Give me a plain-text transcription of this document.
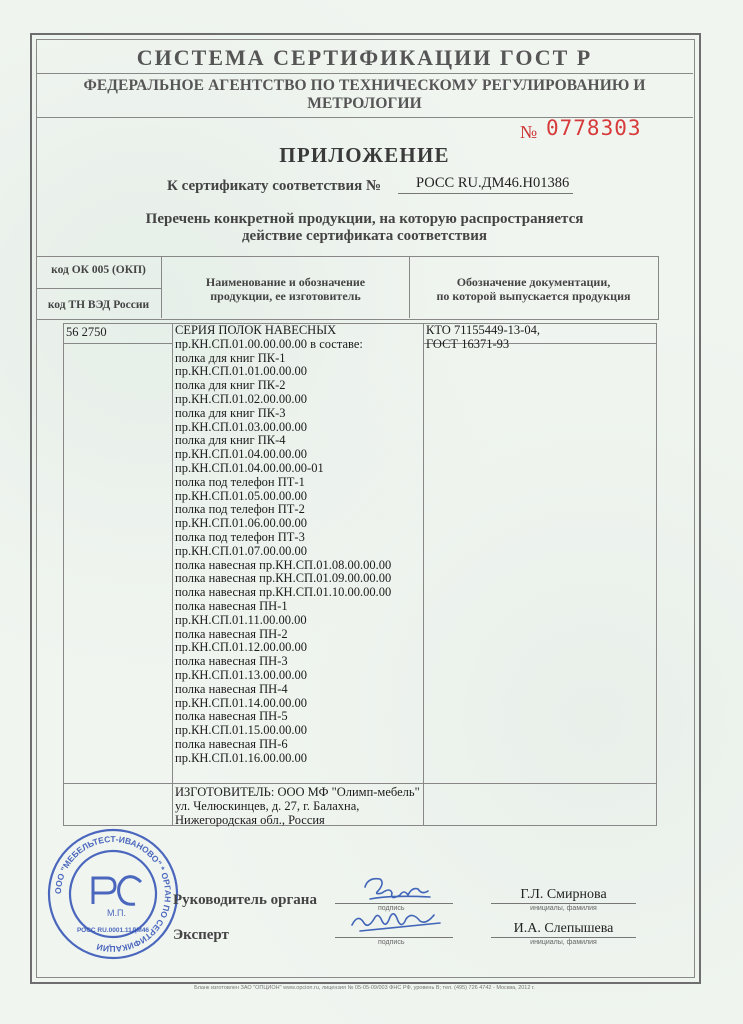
СИСТЕМА СЕРТИФИКАЦИИ ГОСТ Р
ФЕДЕРАЛЬНОЕ АГЕНТСТВО ПО ТЕХНИЧЕСКОМУ РЕГУЛИРОВАНИЮ И МЕТРОЛОГИИ
№ 0778303
ПРИЛОЖЕНИЕ
К сертификату соответствия №	РОСС RU.ДМ46.Н01386
Перечень конкретной продукции, на которую распространяется
действие сертификата соответствия
код ОК 005 (ОКП)
код ТН ВЭД России
Наименование и обозначение
продукции, ее изготовитель
Обозначение документации,
по которой выпускается продукция
56 2750	СЕРИЯ ПОЛОК НАВЕСНЫХ
пр.КН.СП.01.00.00.00.00 в составе:
полка для книг ПК-1
пр.КН.СП.01.01.00.00.00
полка для книг ПК-2
пр.КН.СП.01.02.00.00.00
полка для книг ПК-3
пр.КН.СП.01.03.00.00.00
полка для книг ПК-4
пр.КН.СП.01.04.00.00.00
пр.КН.СП.01.04.00.00.00-01
полка под телефон ПТ-1
пр.КН.СП.01.05.00.00.00
полка под телефон ПТ-2
пр.КН.СП.01.06.00.00.00
полка под телефон ПТ-3
пр.КН.СП.01.07.00.00.00
полка навесная пр.КН.СП.01.08.00.00.00
полка навесная пр.КН.СП.01.09.00.00.00
полка навесная пр.КН.СП.01.10.00.00.00
полка навесная ПН-1
пр.КН.СП.01.11.00.00.00
полка навесная ПН-2
пр.КН.СП.01.12.00.00.00
полка навесная ПН-3
пр.КН.СП.01.13.00.00.00
полка навесная ПН-4
пр.КН.СП.01.14.00.00.00
полка навесная ПН-5
пр.КН.СП.01.15.00.00.00
полка навесная ПН-6
пр.КН.СП.01.16.00.00.00
КТО 71155449-13-04,
ГОСТ 16371-93
ИЗГОТОВИТЕЛЬ: ООО МФ "Олимп-мебель"
ул. Челюскинцев, д. 27, г. Балахна,
Нижегородская обл., Россия
ООО "МЕБЕЛЬТЕСТ-ИВАНОВО" * ОРГАН ПО СЕРТИФИКАЦИИ
М.П.
РОСС RU.0001.11ДМ46
Руководитель органа
Эксперт
подпись
подпись
Г.Л. Смирнова
И.А. Слепышева
инициалы, фамилия
инициалы, фамилия
Бланк изготовлен ЗАО "ОПЦИОН" www.opcion.ru, лицензия № 05-05-09/003 ФНС РФ, уровень В; тел. (495) 726 4742 - Москва, 2012 г.
